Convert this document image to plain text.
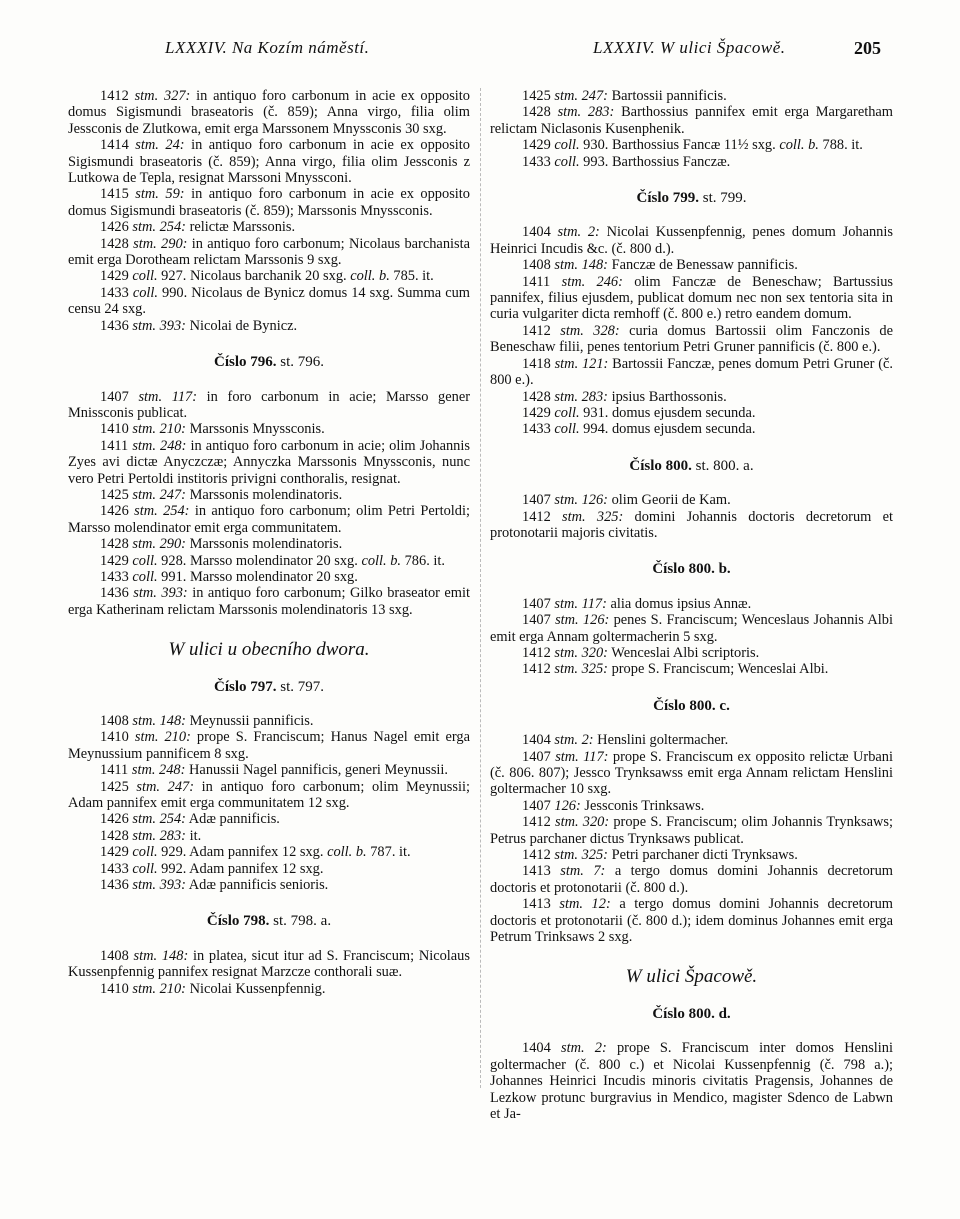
LXXXIV. Na Kozím náměstí.	LXXXIV. W ulici Špacowě.	205

1412 stm. 327: in antiquo foro carbonum in acie ex opposito domus Sigismundi braseatoris (č. 859); Anna virgo, filia olim Jessconis de Zlutkowa, emit erga Marssonem Mnyssconis 30 sxg.

1414 stm. 24: in antiquo foro carbonum in acie ex opposito Sigismundi braseatoris (č. 859); Anna virgo, filia olim Jessconis z Lutkowa de Tepla, resignat Marssoni Mnyssconi.

1415 stm. 59: in antiquo foro carbonum in acie ex opposito domus Sigismundi braseatoris (č. 859); Marssonis Mnyssconis.

1426 stm. 254: relictæ Marssonis.

1428 stm. 290: in antiquo foro carbonum; Nicolaus barchanista emit erga Dorotheam relictam Marssonis 9 sxg.

1429 coll. 927. Nicolaus barchanik 20 sxg. coll. b. 785. it.

1433 coll. 990. Nicolaus de Bynicz domus 14 sxg. Summa cum censu 24 sxg.

1436 stm. 393: Nicolai de Bynicz.

Číslo 796. st. 796.

1407 stm. 117: in foro carbonum in acie; Marsso gener Mnissconis publicat.

1410 stm. 210: Marssonis Mnyssconis.

1411 stm. 248: in antiquo foro carbonum in acie; olim Johannis Zyes avi dictæ Anyczczæ; Annyczka Marssonis Mnyssconis, nunc vero Petri Pertoldi institoris privigni conthoralis, resignat.

1425 stm. 247: Marssonis molendinatoris.

1426 stm. 254: in antiquo foro carbonum; olim Petri Pertoldi; Marsso molendinator emit erga communitatem.

1428 stm. 290: Marssonis molendinatoris.

1429 coll. 928. Marsso molendinator 20 sxg. coll. b. 786. it.

1433 coll. 991. Marsso molendinator 20 sxg.

1436 stm. 393: in antiquo foro carbonum; Gilko braseator emit erga Katherinam relictam Marssonis molendinatoris 13 sxg.

W ulici u obecního dwora.
Číslo 797. st. 797.

1408 stm. 148: Meynussii pannificis.

1410 stm. 210: prope S. Franciscum; Hanus Nagel emit erga Meynussium pannificem 8 sxg.

1411 stm. 248: Hanussii Nagel pannificis, generi Meynussii.

1425 stm. 247: in antiquo foro carbonum; olim Meynussii; Adam pannifex emit erga communitatem 12 sxg.

1426 stm. 254: Adæ pannificis.

1428 stm. 283: it.

1429 coll. 929. Adam pannifex 12 sxg. coll. b. 787. it.

1433 coll. 992. Adam pannifex 12 sxg.

1436 stm. 393: Adæ pannificis senioris.

Číslo 798. st. 798. a.

1408 stm. 148: in platea, sicut itur ad S. Franciscum; Nicolaus Kussenpfennig pannifex resignat Marzcze conthorali suæ.

1410 stm. 210: Nicolai Kussenpfennig.

1425 stm. 247: Bartossii pannificis.

1428 stm. 283: Barthossius pannifex emit erga Margaretham relictam Niclasonis Kusenphenik.

1429 coll. 930. Barthossius Fancæ 11½ sxg. coll. b. 788. it.

1433 coll. 993. Barthossius Fanczæ.

Číslo 799. st. 799.

1404 stm. 2: Nicolai Kussenpfennig, penes domum Johannis Heinrici Incudis &c. (č. 800 d.).

1408 stm. 148: Fanczæ de Benessaw pannificis.

1411 stm. 246: olim Fanczæ de Beneschaw; Bartussius pannifex, filius ejusdem, publicat domum nec non sex tentoria sita in curia vulgariter dicta remhoff (č. 800 e.) retro eandem domum.

1412 stm. 328: curia domus Bartossii olim Fanczonis de Beneschaw filii, penes tentorium Petri Gruner pannificis (č. 800 e.).

1418 stm. 121: Bartossii Fanczæ, penes domum Petri Gruner (č. 800 e.).

1428 stm. 283: ipsius Barthossonis.

1429 coll. 931. domus ejusdem secunda.

1433 coll. 994. domus ejusdem secunda.

Číslo 800. st. 800. a.

1407 stm. 126: olim Georii de Kam.

1412 stm. 325: domini Johannis doctoris decretorum et protonotarii majoris civitatis.

Číslo 800. b.

1407 stm. 117: alia domus ipsius Annæ.

1407 stm. 126: penes S. Franciscum; Wenceslaus Johannis Albi emit erga Annam goltermacherin 5 sxg.

1412 stm. 320: Wenceslai Albi scriptoris.

1412 stm. 325: prope S. Franciscum; Wenceslai Albi.

Číslo 800. c.

1404 stm. 2: Henslini goltermacher.

1407 stm. 117: prope S. Franciscum ex opposito relictæ Urbani (č. 806. 807); Jessco Trynksawss emit erga Annam relictam Henslini goltermacher 10 sxg.

1407 126: Jessconis Trinksaws.

1412 stm. 320: prope S. Franciscum; olim Johannis Trynksaws; Petrus parchaner dictus Trynksaws publicat.

1412 stm. 325: Petri parchaner dicti Trynksaws.

1413 stm. 7: a tergo domus domini Johannis decretorum doctoris et protonotarii (č. 800 d.).

1413 stm. 12: a tergo domus domini Johannis decretorum doctoris et protonotarii (č. 800 d.); idem dominus Johannes emit erga Petrum Trinksaws 2 sxg.

W ulici Špacowě.
Číslo 800. d.

1404 stm. 2: prope S. Franciscum inter domos Henslini goltermacher (č. 800 c.) et Nicolai Kussenpfennig (č. 798 a.); Johannes Heinrici Incudis minoris civitatis Pragensis, Johannes de Lezkow protunc burgravius in Mendico, magister Sdenco de Labwn et Ja-
